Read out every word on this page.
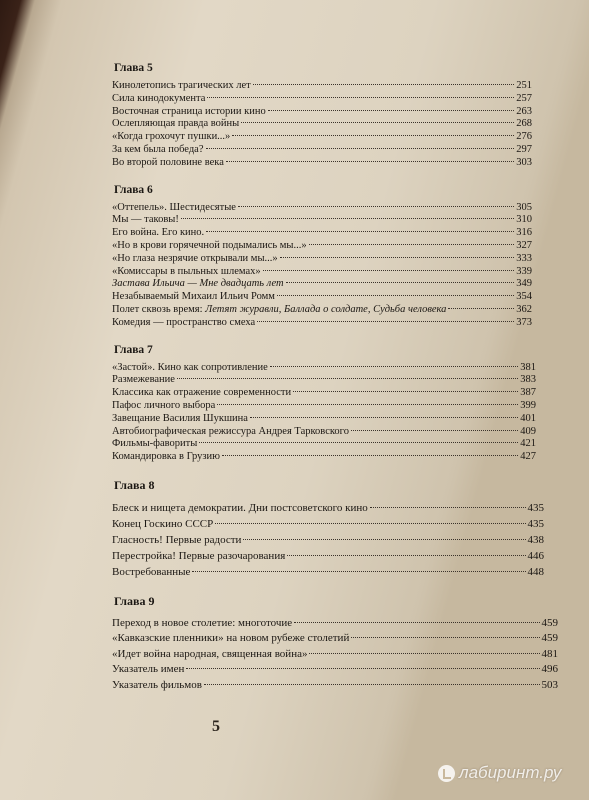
Глава 5
Кинолетопись трагических лет	251
Сила кинодокумента	257
Восточная страница истории кино	263
Ослепляющая правда войны	268
«Когда грохочут пушки...»	276
За кем была победа?	297
Во второй половине века	303
Глава 6
«Оттепель». Шестидесятые	305
Мы — таковы!	310
Его война. Его кино.	316
«Но в крови горячечной подымались мы...»	327
«Но глаза незрячие открывали мы...»	333
«Комиссары в пыльных шлемах»	339
Застава Ильича — Мне двадцать лет	349
Незабываемый Михаил Ильич Ромм	354
Полет сквозь время: Летят журавли, Баллада о солдате, Судьба человека	362
Комедия — пространство смеха	373
Глава 7
«Застой». Кино как сопротивление	381
Размежевание	383
Классика как отражение современности	387
Пафос личного выбора	399
Завещание Василия Шукшина	401
Автобиографическая режиссура Андрея Тарковского	409
Фильмы-фавориты	421
Командировка в Грузию	427
Глава 8
Блеск и нищета демократии. Дни постсоветского кино	435
Конец Госкино СССР	435
Гласность! Первые радости	438
Перестройка! Первые разочарования	446
Востребованные	448
Глава 9
Переход в новое столетие: многоточие	459
«Кавказские пленники» на новом рубеже столетий	459
«Идет война народная, священная война»	481
Указатель имен	496
Указатель фильмов	503
5
лабиринт.ру
